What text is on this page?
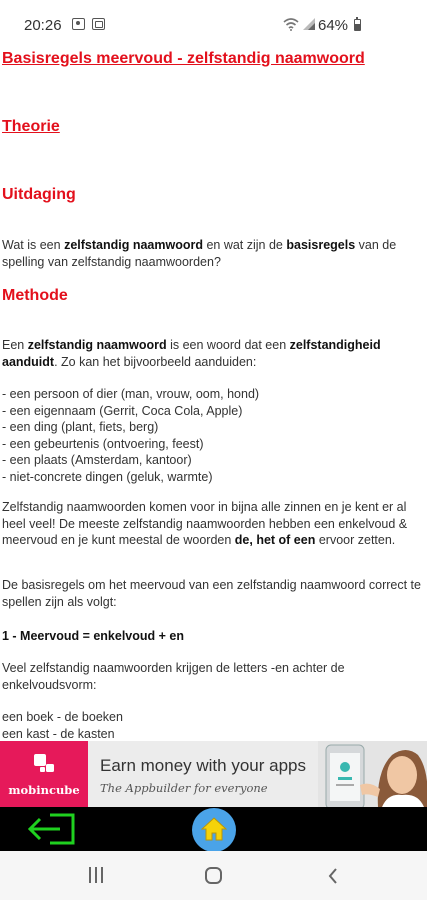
20:26	64%
Basisregels meervoud - zelfstandig naamwoord
Theorie
Uitdaging
Wat is een zelfstandig naamwoord en wat zijn de basisregels van de spelling van zelfstandig naamwoorden?
Methode
Een zelfstandig naamwoord is een woord dat een zelfstandigheid aanduidt. Zo kan het bijvoorbeeld aanduiden:
- een persoon of dier (man, vrouw, oom, hond)
- een eigennaam (Gerrit, Coca Cola, Apple)
- een ding (plant, fiets, berg)
- een gebeurtenis (ontvoering, feest)
- een plaats (Amsterdam, kantoor)
- niet-concrete dingen (geluk, warmte)
Zelfstandig naamwoorden komen voor in bijna alle zinnen en je kent er al heel veel! De meeste zelfstandig naamwoorden hebben een enkelvoud & meervoud en je kunt meestal de woorden de, het of een ervoor zetten.
De basisregels om het meervoud van een zelfstandig naamwoord correct te spellen zijn als volgt:
1 - Meervoud = enkelvoud + en
Veel zelfstandig naamwoorden krijgen de letters -en achter de enkelvoudsvorm:
een boek - de boeken
een kast - de kasten
mobincube
Earn money with your apps
The Appbuilder for everyone
